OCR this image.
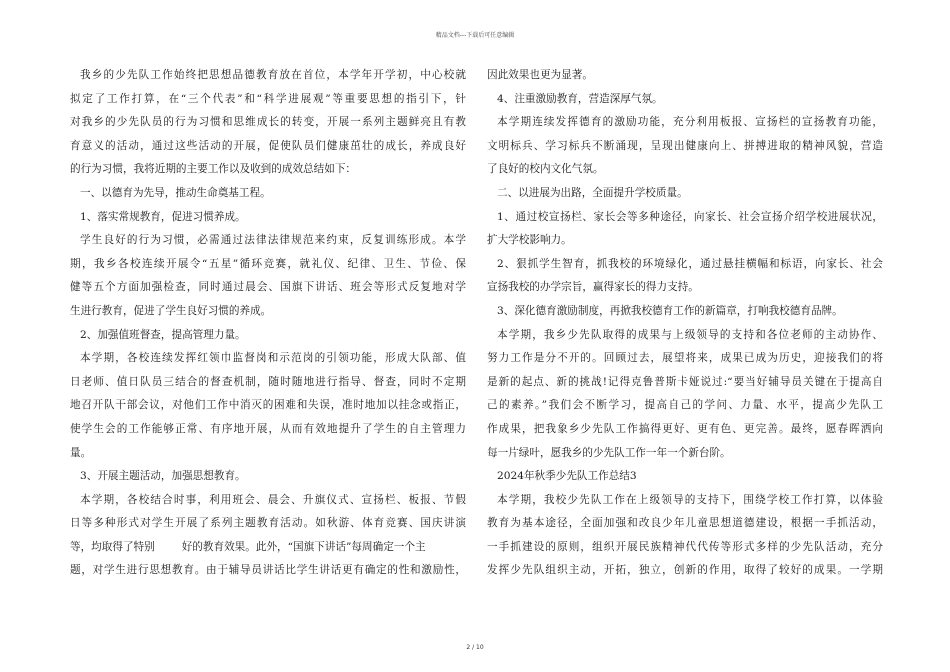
精品文档---下载后可任意编辑
我乡的少先队工作始终把思想品德教育放在首位，本学年开学初，中心校就
拟定了工作打算，在“三个代表”和“科学进展观”等重要思想的指引下，针
对我乡的少先队员的行为习惯和思维成长的转变，开展一系列主题鲜亮且有教
育意义的活动，通过这些活动的开展，促使队员们健康茁壮的成长，养成良好
的行为习惯，我将近期的主要工作以及收到的成效总结如下：
一、以德育为先导，推动生命奠基工程。
1、落实常规教育，促进习惯养成。
学生良好的行为习惯，必需通过法律法律规范来约束，反复训练形成。本学
期，我乡各校连续开展令“五星”循环竞赛，就礼仪、纪律、卫生、节俭、保
健等五个方面加强检查，同时通过晨会、国旗下讲话、班会等形式反复地对学
生进行教育，促进了学生良好习惯的养成。
2、加强值班督查，提高管理力量。
本学期，各校连续发挥红领巾监督岗和示范岗的引领功能，形成大队部、值
日老师、值日队员三结合的督查机制，随时随地进行指导、督查，同时不定期
地召开队干部会议，对他们工作中消灭的困难和失误，准时地加以挂念或指正，
使学生会的工作能够正常、有序地开展，从而有效地提升了学生的自主管理力
量。
3、开展主题活动，加强思想教育。
本学期，各校结合时事，利用班会、晨会、升旗仪式、宣扬栏、板报、节假
日等多种形式对学生开展了系列主题教育活动。如秋游、体育竞赛、国庆讲演
等，均取得了特别        好的教育效果。此外，“国旗下讲话”每周确定一个主
题，对学生进行思想教育。由于辅导员讲话比学生讲话更有确定的性和激励性，
因此效果也更为显著。
4、注重激励教育，营造深厚气氛。
本学期连续发挥德育的激励功能，充分利用板报、宣扬栏的宣扬教育功能，
文明标兵、学习标兵不断涌现，呈现出健康向上、拼搏进取的精神风貌，营造
了良好的校内文化气氛。
二、以进展为出路，全面提升学校质量。
1、通过校宣扬栏、家长会等多种途径，向家长、社会宣扬介绍学校进展状况，
扩大学校影响力。
2、狠抓学生智育，抓我校的环境绿化，通过悬挂横幅和标语，向家长、社会
宣扬我校的办学宗旨，赢得家长的得力支持。
3、深化德育激励制度，再掀我校德育工作的新篇章，打响我校德育品牌。
本学期，我乡少先队取得的成果与上级领导的支持和各位老师的主动协作、
努力工作是分不开的。回顾过去，展望将来，成果已成为历史，迎接我们的将
是新的起点、新的挑战!记得克鲁普斯卡娅说过:“要当好辅导员关键在于提高自
己的素养。”我们会不断学习，提高自己的学问、力量、水平，提高少先队工
作成果，把我象乡少先队工作搞得更好、更有色、更完善。最终，愿春晖洒向
每一片绿叶，愿我乡的少先队工作一年一个新台阶。
2024年秋季少先队工作总结3
本学期，我校少先队工作在上级领导的支持下，围绕学校工作打算，以体验
教育为基本途径，全面加强和改良少年儿童思想道德建设，根据一手抓活动，
一手抓建设的原则，组织开展民族精神代代传等形式多样的少先队活动，充分
发挥少先队组织主动，开拓，独立，创新的作用，取得了较好的成果。一学期
2 / 10
